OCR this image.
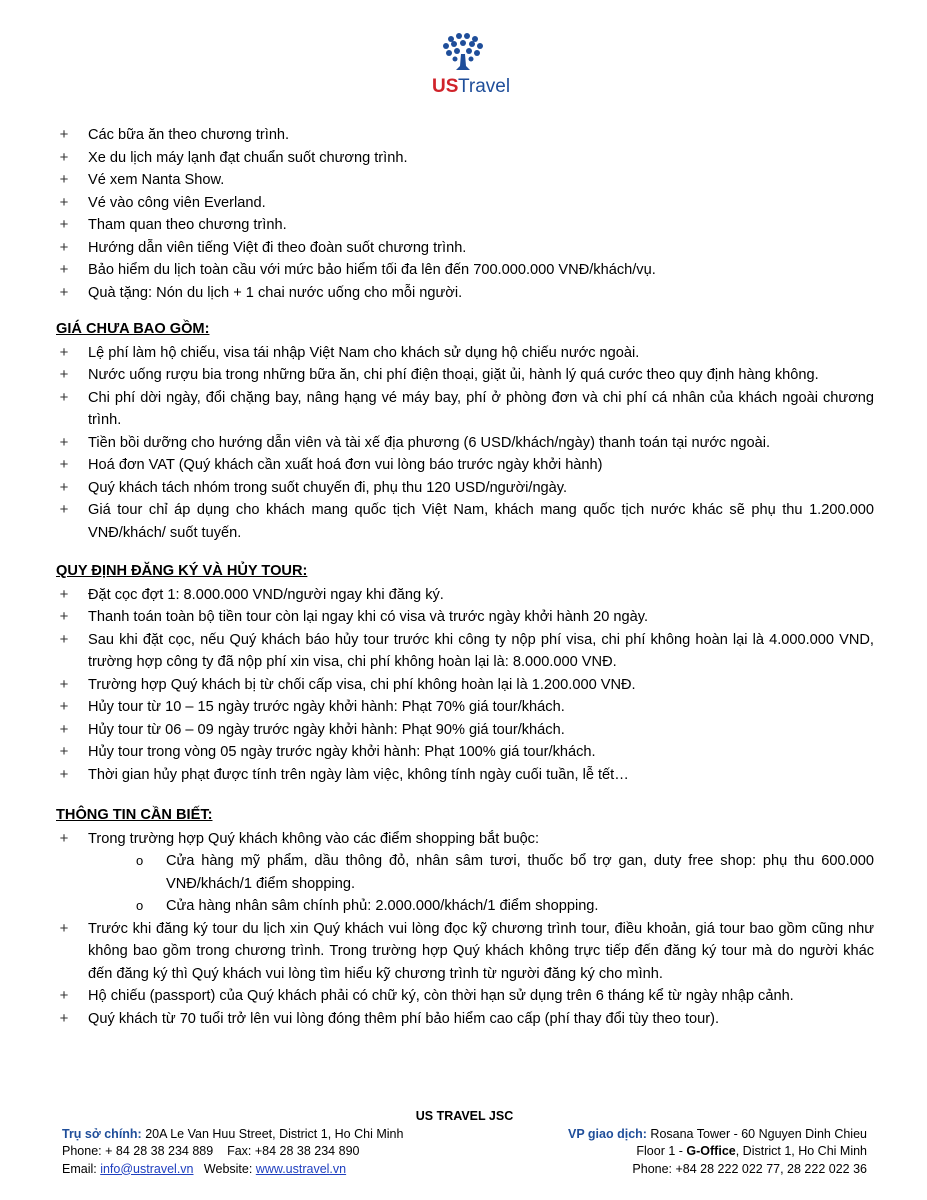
US Travel
+ Các bữa ăn theo chương trình.
+ Xe du lịch máy lạnh đạt chuẩn suốt chương trình.
+ Vé xem Nanta Show.
+ Vé vào công viên Everland.
+ Tham quan theo chương trình.
+ Hướng dẫn viên tiếng Việt đi theo đoàn suốt chương trình.
+ Bảo hiểm du lịch toàn cầu với mức bảo hiểm tối đa lên đến 700.000.000 VNĐ/khách/vụ.
+ Quà tặng: Nón du lịch + 1 chai nước uống cho mỗi người.
GIÁ CHƯA BAO GỒM:
+ Lệ phí làm hộ chiếu, visa tái nhập Việt Nam cho khách sử dụng hộ chiếu nước ngoài.
+ Nước uống rượu bia trong những bữa ăn, chi phí điện thoại, giặt ủi, hành lý quá cước theo quy định hàng không.
+ Chi phí dời ngày, đổi chặng bay, nâng hạng vé máy bay, phí ở phòng đơn và chi phí cá nhân của khách ngoài chương trình.
+ Tiền bồi dưỡng cho hướng dẫn viên và tài xế địa phương (6 USD/khách/ngày) thanh toán tại nước ngoài.
+ Hoá đơn VAT (Quý khách cần xuất hoá đơn vui lòng báo trước ngày khởi hành)
+ Quý khách tách nhóm trong suốt chuyến đi, phụ thu 120 USD/người/ngày.
+ Giá tour chỉ áp dụng cho khách mang quốc tịch Việt Nam, khách mang quốc tịch nước khác sẽ phụ thu 1.200.000 VNĐ/khách/ suốt tuyến.
QUY ĐỊNH ĐĂNG KÝ VÀ HỦY TOUR:
+ Đặt cọc đợt 1: 8.000.000 VND/người ngay khi đăng ký.
+ Thanh toán toàn bộ tiền tour còn lại ngay khi có visa và trước ngày khởi hành 20 ngày.
+ Sau khi đặt cọc, nếu Quý khách báo hủy tour trước khi công ty nộp phí visa, chi phí không hoàn lại là 4.000.000 VND, trường hợp công ty đã nộp phí xin visa, chi phí không hoàn lại là: 8.000.000 VNĐ.
+ Trường hợp Quý khách bị từ chối cấp visa, chi phí không hoàn lại là 1.200.000 VNĐ.
+ Hủy tour từ 10 – 15 ngày trước ngày khởi hành: Phạt 70% giá tour/khách.
+ Hủy tour từ 06 – 09 ngày trước ngày khởi hành: Phạt 90% giá tour/khách.
+ Hủy tour trong vòng 05 ngày trước ngày khởi hành: Phạt 100% giá tour/khách.
+ Thời gian hủy phạt được tính trên ngày làm việc, không tính ngày cuối tuần, lễ tết…
THÔNG TIN CẦN BIẾT:
+ Trong trường hợp Quý khách không vào các điểm shopping bắt buộc:
o Cửa hàng mỹ phẩm, dầu thông đỏ, nhân sâm tươi, thuốc bổ trợ gan, duty free shop: phụ thu 600.000 VNĐ/khách/1 điểm shopping.
o Cửa hàng nhân sâm chính phủ: 2.000.000/khách/1 điểm shopping.
+ Trước khi đăng ký tour du lịch xin Quý khách vui lòng đọc kỹ chương trình tour, điều khoản, giá tour bao gồm cũng như không bao gồm trong chương trình. Trong trường hợp Quý khách không trực tiếp đến đăng ký tour mà do người khác đến đăng ký thì Quý khách vui lòng tìm hiểu kỹ chương trình từ người đăng ký cho mình.
+ Hộ chiếu (passport) của Quý khách phải có chữ ký, còn thời hạn sử dụng trên 6 tháng kể từ ngày nhập cảnh.
+ Quý khách từ 70 tuổi trở lên vui lòng đóng thêm phí bảo hiểm cao cấp (phí thay đổi tùy theo tour).
US TRAVEL JSC
Trụ sở chính: 20A Le Van Huu Street, District 1, Ho Chi Minh	VP giao dịch: Rosana Tower - 60 Nguyen Dinh Chieu
Phone: + 84 28 38 234 889    Fax: +84 28 38 234 890	Floor 1 - G-Office, District 1, Ho Chi Minh
Email: info@ustravel.vn   Website: www.ustravel.vn	Phone: +84 28 222 022 77, 28 222 022 36
